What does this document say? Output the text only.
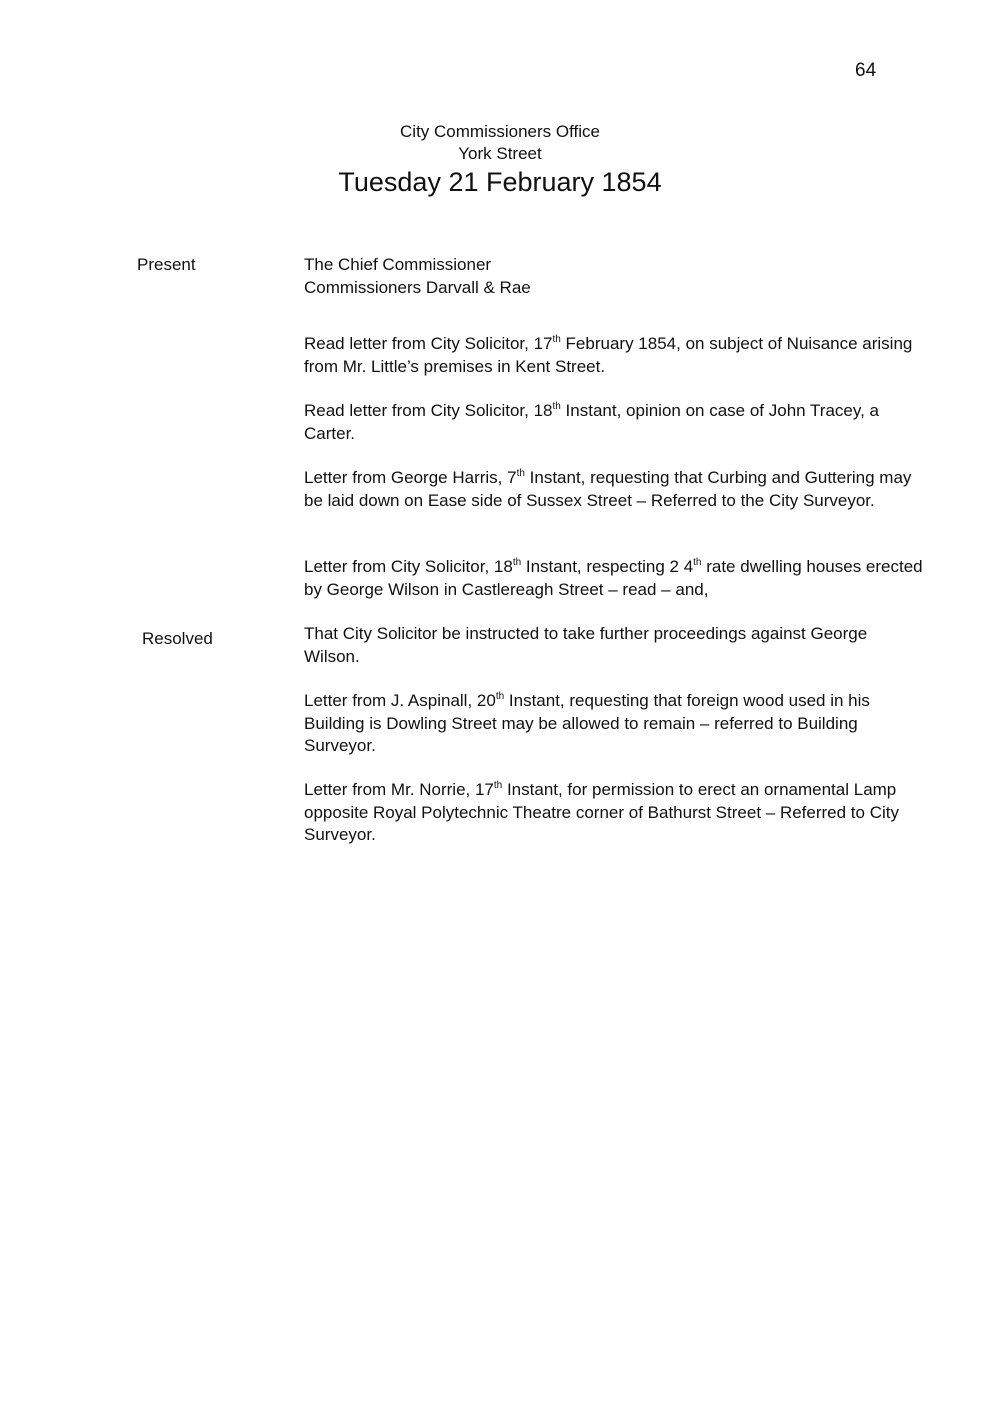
64
City Commissioners Office
York Street
Tuesday 21 February 1854
Present	The Chief Commissioner
Commissioners Darvall & Rae

Read letter from City Solicitor, 17th February 1854, on subject of Nuisance arising from Mr. Little’s premises in Kent Street.

Read letter from City Solicitor, 18th Instant, opinion on case of John Tracey, a Carter.

Letter from George Harris, 7th Instant, requesting that Curbing and Guttering may be laid down on Ease side of Sussex Street – Referred to the City Surveyor.

Letter from City Solicitor, 18th Instant, respecting 2 4th rate dwelling houses erected by George Wilson in Castlereagh Street – read – and,

Resolved	That City Solicitor be instructed to take further proceedings against George Wilson.

Letter from J. Aspinall, 20th Instant, requesting that foreign wood used in his Building is Dowling Street may be allowed to remain – referred to Building Surveyor.

Letter from Mr. Norrie, 17th Instant, for permission to erect an ornamental Lamp opposite Royal Polytechnic Theatre corner of Bathurst Street – Referred to City Surveyor.
